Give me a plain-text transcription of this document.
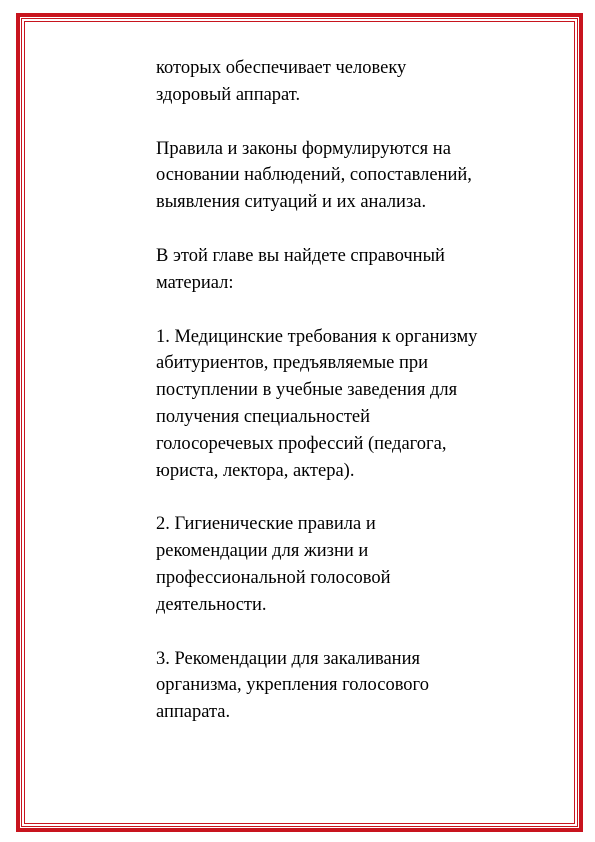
которых обеспечивает человеку
здоровый аппарат.

Правила и законы формулируются на
основании наблюдений, сопоставлений,
выявления ситуаций и их анализа.

В этой главе вы найдете справочный
материал:

1. Медицинские требования к организму
абитуриентов, предъявляемые при
поступлении в учебные заведения для
получения специальностей
голосоречевых профессий (педагога,
юриста, лектора, актера).

2. Гигиенические правила и
рекомендации для жизни и
профессиональной голосовой
деятельности.

3. Рекомендации для закаливания
организма, укрепления голосового
аппарата.
